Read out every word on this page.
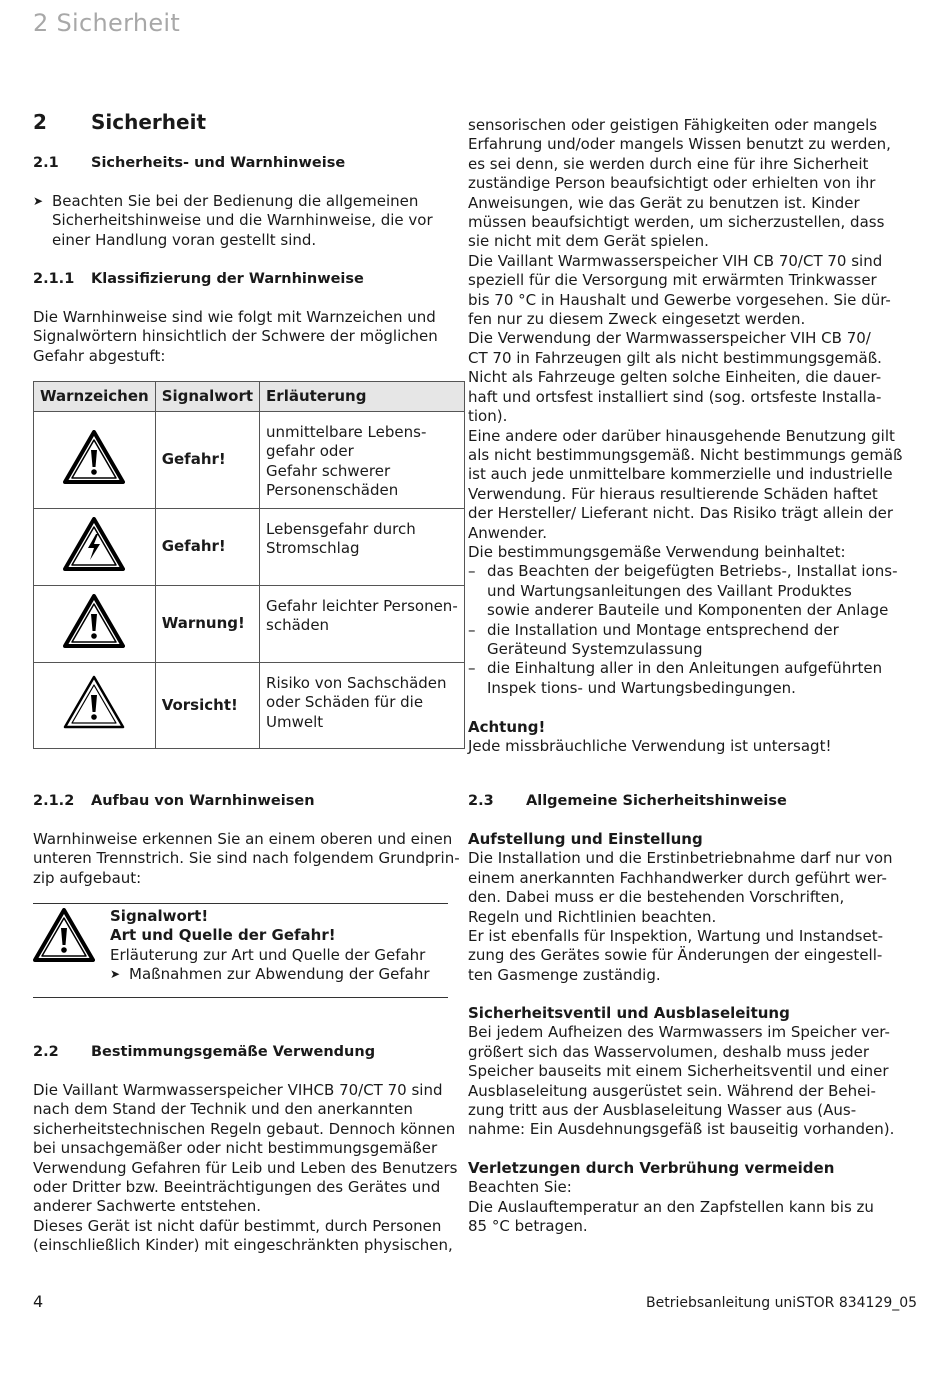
2 Sicherheit
2 Sicherheit
2.1 Sicherheits- und Warnhinweise
➤ Beachten Sie bei der Bedienung die allgemeinen
Sicherheitshinweise und die Warnhinweise, die vor
einer Handlung voran gestellt sind.
2.1.1 Klassifizierung der Warnhinweise
Die Warnhinweise sind wie folgt mit Warnzeichen und
Signalwörtern hinsichtlich der Schwere der möglichen
Gefahr abgestuft:
Warnzeichen	Signalwort	Erläuterung
	Gefahr!	unmittelbare Lebens-
gefahr oder
Gefahr schwerer
Personenschäden

	Gefahr!	Lebensgefahr durch
Stromschlag

	Warnung!	Gefahr leichter Personen-
schäden

	Vorsicht!	Risiko von Sachschäden
oder Schäden für die
Umwelt
2.1.2 Aufbau von Warnhinweisen
Warnhinweise erkennen Sie an einem oberen und einen
unteren Trennstrich. Sie sind nach folgendem Grundprin-
zip aufgebaut:
Signalwort!
Art und Quelle der Gefahr!
Erläuterung zur Art und Quelle der Gefahr
➤ Maßnahmen zur Abwendung der Gefahr
2.2 Bestimmungsgemäße Verwendung
Die Vaillant Warmwasserspeicher VIHCB 70/CT 70 sind
nach dem Stand der Technik und den anerkannten
sicherheitstechnischen Regeln gebaut. Dennoch können
bei unsachgemäßer oder nicht bestimmungsgemäßer
Verwendung Gefahren für Leib und Leben des Benutzers
oder Dritter bzw. Beeinträchtigungen des Gerätes und
anderer Sachwerte entstehen.
Dieses Gerät ist nicht dafür bestimmt, durch Personen
(einschließlich Kinder) mit eingeschränkten physischen,
sensorischen oder geistigen Fähigkeiten oder mangels
Erfahrung und/oder mangels Wissen benutzt zu werden,
es sei denn, sie werden durch eine für ihre Sicherheit
zuständige Person beaufsichtigt oder erhielten von ihr
Anweisungen, wie das Gerät zu benutzen ist. Kinder
müssen beaufsichtigt werden, um sicherzustellen, dass
sie nicht mit dem Gerät spielen.
Die Vaillant Warmwasserspeicher VIH CB 70/CT 70 sind
speziell für die Versorgung mit erwärmten Trinkwasser
bis 70 °C in Haushalt und Gewerbe vorgesehen. Sie dür-
fen nur zu diesem Zweck eingesetzt werden.
Die Verwendung der Warmwasserspeicher VIH CB 70/
CT 70 in Fahrzeugen gilt als nicht bestimmungsgemäß.
Nicht als Fahrzeuge gelten solche Einheiten, die dauer-
haft und ortsfest installiert sind (sog. ortsfeste Installa-
tion).
Eine andere oder darüber hinausgehende Benutzung gilt
als nicht bestimmungsgemäß. Nicht bestimmungs gemäß
ist auch jede unmittelbare kommerzielle und industrielle
Verwendung. Für hieraus resultierende Schäden haftet
der Hersteller/ Lieferant nicht. Das Risiko trägt allein der
Anwender.
Die bestimmungsgemäße Verwendung beinhaltet:
– das Beachten der beigefügten Betriebs-, Installat ions-
und Wartungsanleitungen des Vaillant Produktes
sowie anderer Bauteile und Komponenten der Anlage
– die Installation und Montage entsprechend der
Geräteund Systemzulassung
– die Einhaltung aller in den Anleitungen aufgeführten
Inspek tions- und Wartungsbedingungen.
Achtung!
Jede missbräuchliche Verwendung ist untersagt!
2.3 Allgemeine Sicherheitshinweise
Aufstellung und Einstellung
Die Installation und die Erstinbetriebnahme darf nur von
einem anerkannten Fachhandwerker durch geführt wer-
den. Dabei muss er die bestehenden Vorschriften,
Regeln und Richtlinien beachten.
Er ist ebenfalls für Inspektion, Wartung und Instandset-
zung des Gerätes sowie für Änderungen der eingestell-
ten Gasmenge zuständig.
Sicherheitsventil und Ausblaseleitung
Bei jedem Aufheizen des Warmwassers im Speicher ver-
größert sich das Wasservolumen, deshalb muss jeder
Speicher bauseits mit einem Sicherheitsventil und einer
Ausblaseleitung ausgerüstet sein. Während der Behei-
zung tritt aus der Ausblaseleitung Wasser aus (Aus-
nahme: Ein Ausdehnungsgefäß ist bauseitig vorhanden).
Verletzungen durch Verbrühung vermeiden
Beachten Sie:
Die Auslauftemperatur an den Zapfstellen kann bis zu
85 °C betragen.
4	Betriebsanleitung uniSTOR 834129_05
